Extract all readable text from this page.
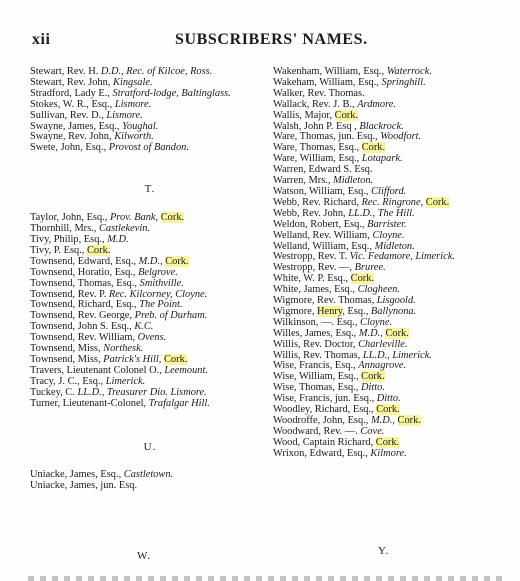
xii	SUBSCRIBERS' NAMES.
Stewart, Rev. H. D.D., Rec. of Kilcoe, Ross.
Stewart, Rev. John, Kingsale.
Stradford, Lady E., Stratford-lodge, Baltinglass.
Stokes, W. R., Esq., Lismore.
Sullivan, Rev. D., Lismore.
Swayne, James, Esq., Youghal.
Swayne, Rev. John, Kilworth.
Swete, John, Esq., Provost of Bandon.
T.
Taylor, John, Esq., Prov. Bank, Cork.
Thornhill, Mrs., Castlekevin.
Tivy, Philip, Esq., M.D.
Tivy, P. Esq., Cork.
Townsend, Edward, Esq., M.D., Cork.
Townsend, Horatio, Esq., Belgrove.
Townsend, Thomas, Esq., Smithville.
Townsend, Rev. P. Rec. Kilcorney, Cloyne.
Townsend, Richard, Esq., The Point.
Townsend, Rev. George, Preb. of Durham.
Townsend, John S. Esq., K.C.
Townsend, Rev. William, Ovens.
Townsend, Miss, Northesk.
Townsend, Miss, Patrick's Hill, Cork.
Travers, Lieutenant Colonel O., Leemount.
Tracy, J. C., Esq., Limerick.
Tuckey, C. LL.D., Treasurer Dio. Lismore.
Turner, Lieutenant-Colonel, Trafalgar Hill.
U.
Uniacke, James, Esq., Castletown.
Uniacke, James, jun. Esq.
Wakenham, William, Esq., Waterrock.
Wakeham, William, Esq., Springhill.
Walker, Rev. Thomas.
Wallack, Rev. J. B., Ardmore.
Wallis, Major, Cork.
Walsh, John P. Esq , Blackrock.
Ware, Thomas, jun. Esq., Woodfort.
Ware, Thomas, Esq., Cork.
Ware, William, Esq., Lotapark.
Warren, Edward S. Esq.
Warren, Mrs., Midleton.
Watson, William, Esq., Clifford.
Webb, Rev. Richard, Rec. Ringrone, Cork.
Webb, Rev. John, LL.D., The Hill.
Weldon, Robert, Esq., Barrister.
Welland, Rev. William, Cloyne.
Welland, William, Esq., Midleton.
Westropp, Rev. T. Vic. Fedamore, Limerick.
Westropp, Rev. —, Bruree.
White, W. P. Esq., Cork.
White, James, Esq., Clogheen.
Wigmore, Rev. Thomas, Lisgoold.
Wigmore, Henry, Esq., Ballynona.
Wilkinson, —. Esq., Cloyne.
Willes, James, Esq., M.D., Cork.
Willis, Rev. Doctor, Charleville.
Willis, Rev. Thomas, LL.D., Limerick.
Wise, Francis, Esq., Annagrove.
Wise, William, Esq., Cork.
Wise, Thomas, Esq., Ditto.
Wise, Francis, jun. Esq., Ditto.
Woodley, Richard, Esq., Cork.
Woodroffe, John, Esq., M.D., Cork.
Woodward, Rev. —. Cove.
Wood, Captain Richard, Cork.
Wrixon, Edward, Esq., Kilmore.
W.	Y.
